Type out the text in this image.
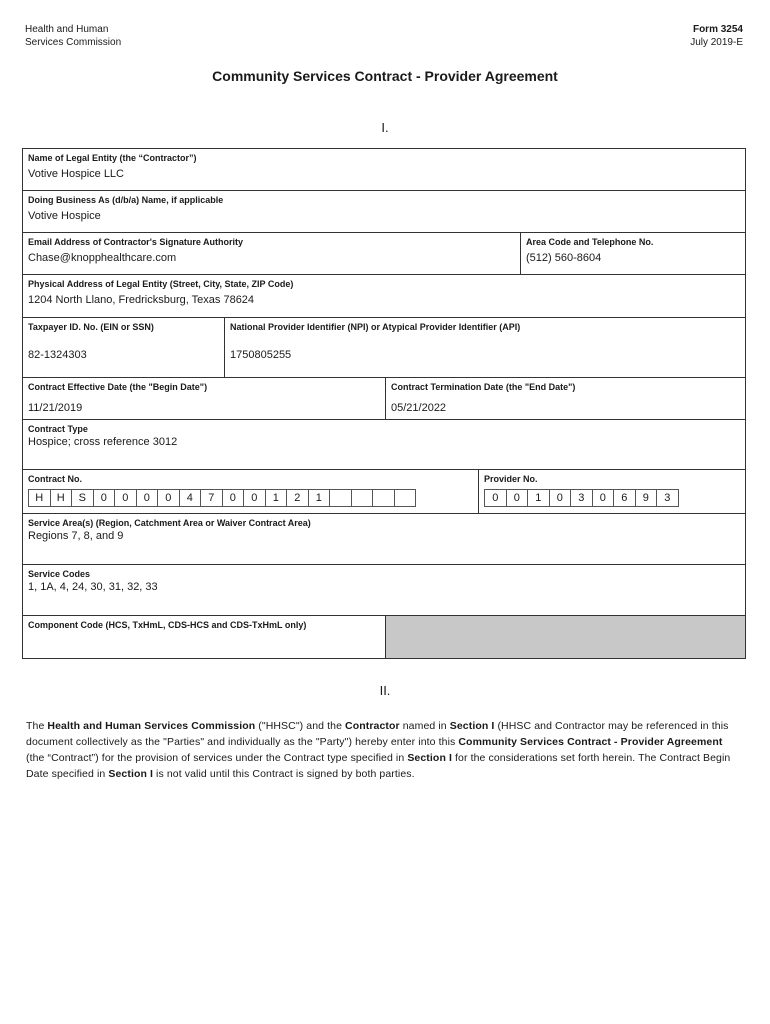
Health and Human
Services Commission
Form 3254
July 2019-E
Community Services Contract - Provider Agreement
I.
Name of Legal Entity (the “Contractor”)
Votive Hospice LLC
Doing Business As (d/b/a) Name, if applicable
Votive Hospice
Email Address of Contractor's Signature Authority
Chase@knopphealthcare.com
Area Code and Telephone No.
(512) 560-8604
Physical Address of Legal Entity (Street, City, State, ZIP Code)
1204 North Llano, Fredricksburg, Texas 78624
Taxpayer ID. No. (EIN or SSN)
82-1324303
National Provider Identifier (NPI) or Atypical Provider Identifier (API)
1750805255
Contract Effective Date (the "Begin Date")
11/21/2019
Contract Termination Date (the "End Date")
05/21/2022
Contract Type
Hospice; cross reference 3012
Contract No.
H	H	S	0	0	0	0	4	7	0	0	1	2	1
Provider No.
0	0	1	0	3	0	6	9	3
Service Area(s) (Region, Catchment Area or Waiver Contract Area)
Regions 7, 8, and 9
Service Codes
1, 1A, 4, 24, 30, 31, 32, 33
Component Code (HCS, TxHmL, CDS-HCS and CDS-TxHmL only)
II.
The Health and Human Services Commission ("HHSC") and the Contractor named in Section I (HHSC and Contractor may be referenced in this document collectively as the "Parties" and individually as the "Party") hereby enter into this Community Services Contract - Provider Agreement (the “Contract”) for the provision of services under the Contract type specified in Section I for the considerations set forth herein. The Contract Begin Date specified in Section I is not valid until this Contract is signed by both parties.
